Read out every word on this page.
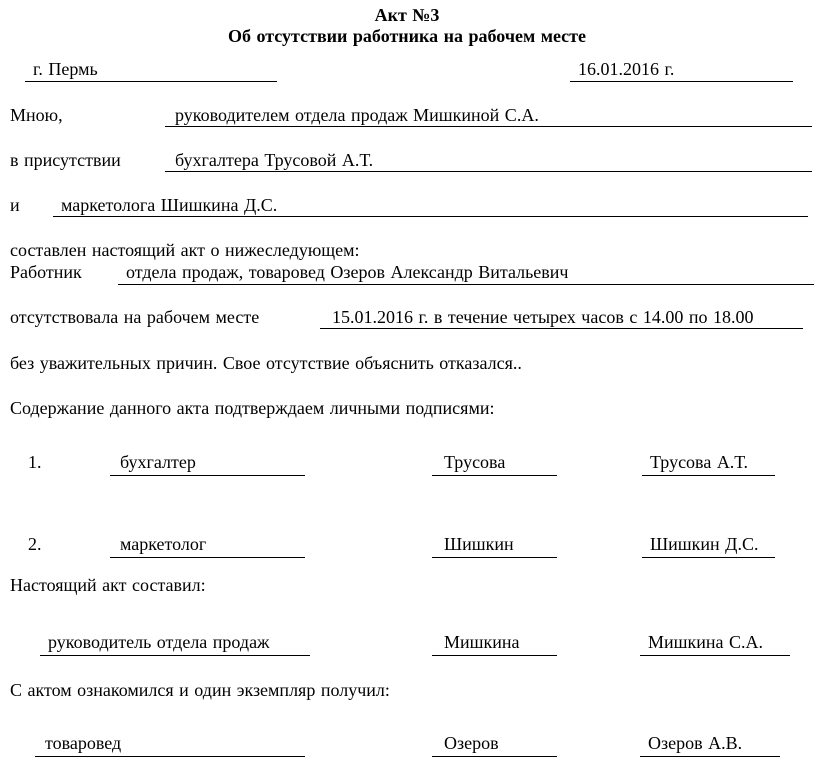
Акт №3
Об отсутствии работника на рабочем месте
г. Пермь	16.01.2016 г.
Мною,	руководителем отдела продаж Мишкиной С.А.
в присутствии	бухгалтера Трусовой А.Т.
и	маркетолога Шишкина Д.С.
составлен настоящий акт о нижеследующем:
Работник	отдела продаж, товаровед Озеров Александр Витальевич
отсутствовала на рабочем месте	15.01.2016 г. в течение четырех часов с 14.00 по 18.00
без уважительных причин. Свое отсутствие объяснить отказался..
Содержание данного акта подтверждаем личными подписями:
1.	бухгалтер	Трусова	Трусова А.Т.
2.	маркетолог	Шишкин	Шишкин Д.С.
Настоящий акт составил:
руководитель отдела продаж	Мишкина	Мишкина С.А.
С актом ознакомился и один экземпляр получил:
товаровед	Озеров	Озеров А.В.
